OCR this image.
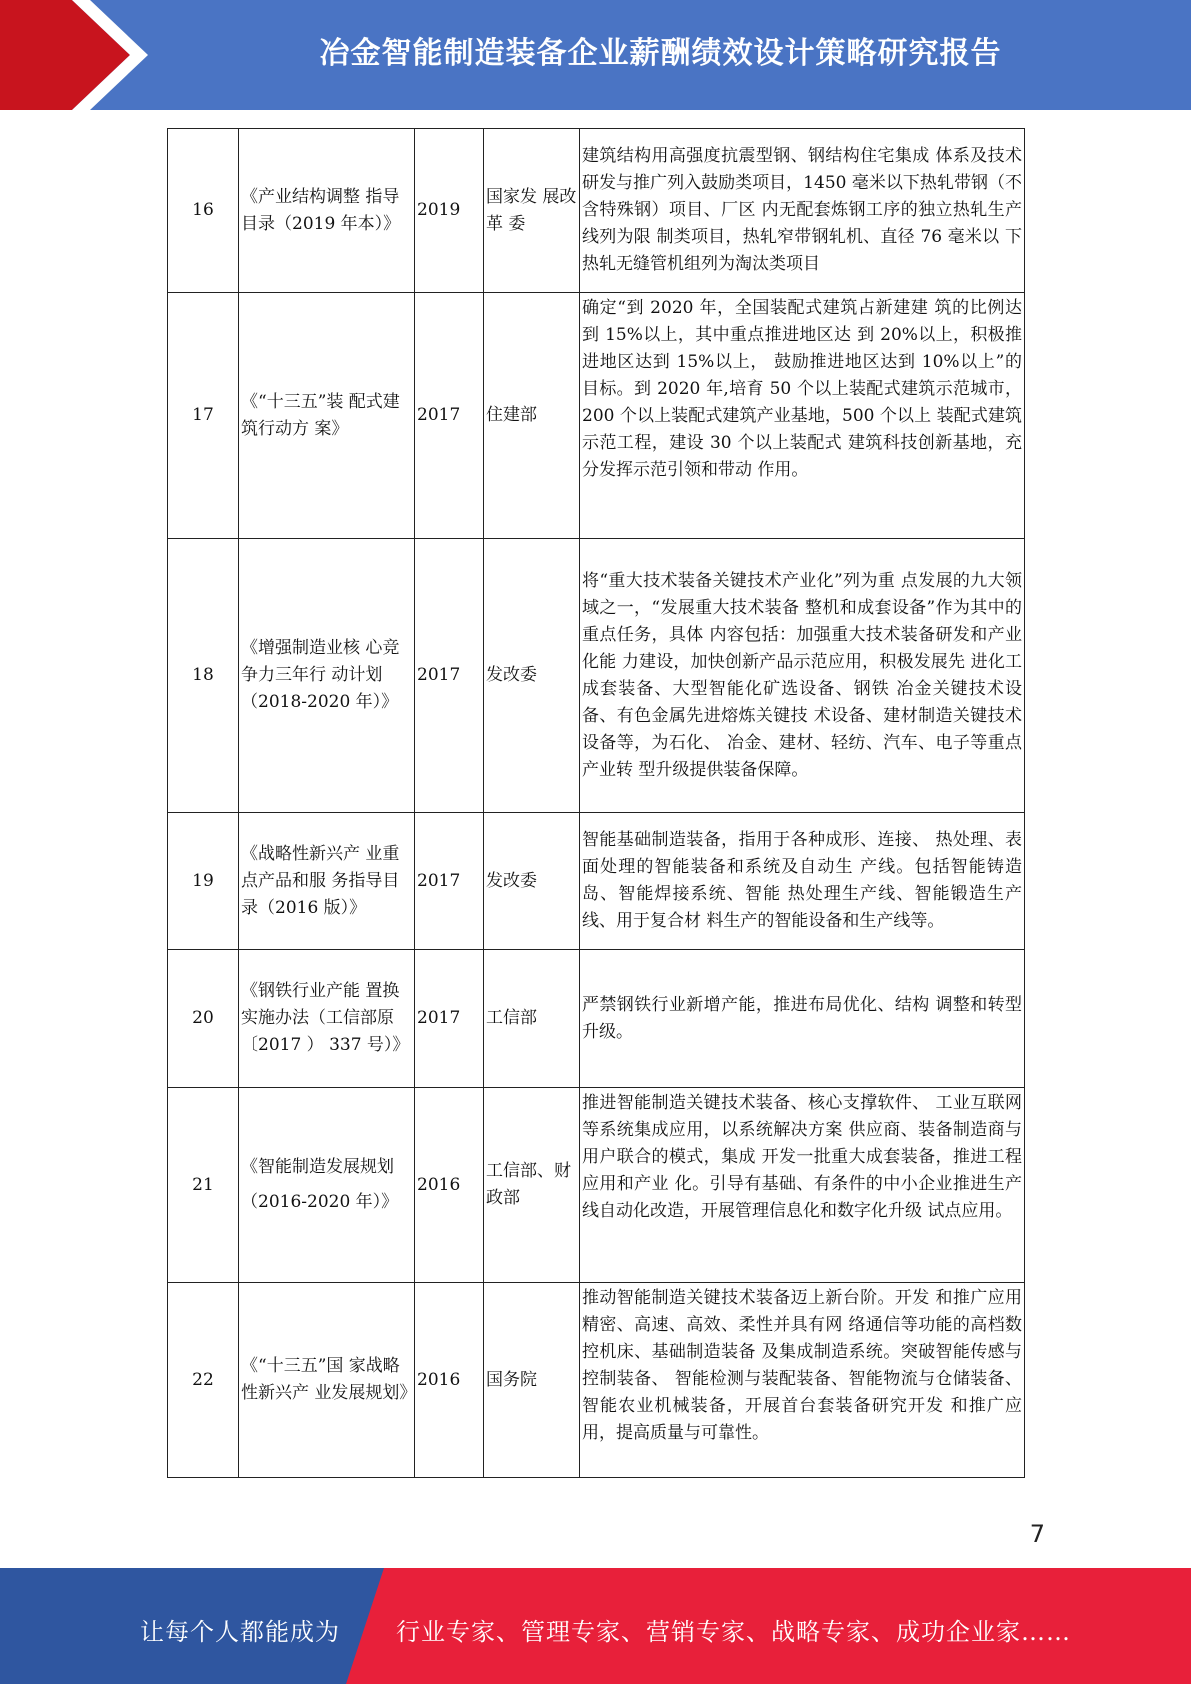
冶金智能制造装备企业薪酬绩效设计策略研究报告
16	《产业结构调整 指导目录（2019 年本）》	2019	国家发 展改革 委	建筑结构用高强度抗震型钢、钢结构住宅集成 体系及技术研发与推广列入鼓励类项目，1450 毫米以下热轧带钢（不含特殊钢）项目、厂区 内无配套炼钢工序的独立热轧生产线列为限 制类项目，热轧窄带钢轧机、直径 76 毫米以 下热轧无缝管机组列为淘汰类项目
17	《“十三五”装 配式建筑行动方 案》	2017	住建部	确定“到 2020 年，全国装配式建筑占新建建 筑的比例达到 15%以上，其中重点推进地区达 到 20%以上，积极推进地区达到 15%以上， 鼓励推进地区达到 10%以上”的目标。到 2020 年,培育 50 个以上装配式建筑示范城市， 200 个以上装配式建筑产业基地，500 个以上 装配式建筑示范工程，建设 30 个以上装配式 建筑科技创新基地，充分发挥示范引领和带动 作用。
18	《增强制造业核 心竞争力三年行 动计划（2018-2020 年）》	2017	发改委	将“重大技术装备关键技术产业化”列为重 点发展的九大领域之一，“发展重大技术装备 整机和成套设备”作为其中的重点任务，具体 内容包括：加强重大技术装备研发和产业化能 力建设，加快创新产品示范应用，积极发展先 进化工成套装备、大型智能化矿选设备、钢铁 冶金关键技术设备、有色金属先进熔炼关键技 术设备、建材制造关键技术设备等，为石化、 冶金、建材、轻纺、汽车、电子等重点产业转 型升级提供装备保障。
19	《战略性新兴产 业重点产品和服 务指导目录（2016 版）》	2017	发改委	智能基础制造装备，指用于各种成形、连接、 热处理、表面处理的智能装备和系统及自动生 产线。包括智能铸造岛、智能焊接系统、智能 热处理生产线、智能锻造生产线、用于复合材 料生产的智能设备和生产线等。
20	《钢铁行业产能 置换实施办法（工信部原〔2017 ） 337 号）》	2017	工信部	严禁钢铁行业新增产能，推进布局优化、结构 调整和转型升级。
21	《智能制造发展规划（2016-2020 年）》	2016	工信部、财政部	推进智能制造关键技术装备、核心支撑软件、 工业互联网等系统集成应用，以系统解决方案 供应商、装备制造商与用户联合的模式，集成 开发一批重大成套装备，推进工程应用和产业 化。引导有基础、有条件的中小企业推进生产 线自动化改造，开展管理信息化和数字化升级 试点应用。
22	《“十三五”国 家战略性新兴产 业发展规划》	2016	国务院	推动智能制造关键技术装备迈上新台阶。开发 和推广应用精密、高速、高效、柔性并具有网 络通信等功能的高档数控机床、基础制造装备 及集成制造系统。突破智能传感与控制装备、 智能检测与装配装备、智能物流与仓储装备、 智能农业机械装备，开展首台套装备研究开发 和推广应用，提高质量与可靠性。
7
让每个人都能成为 行业专家、管理专家、营销专家、战略专家、成功企业家……
